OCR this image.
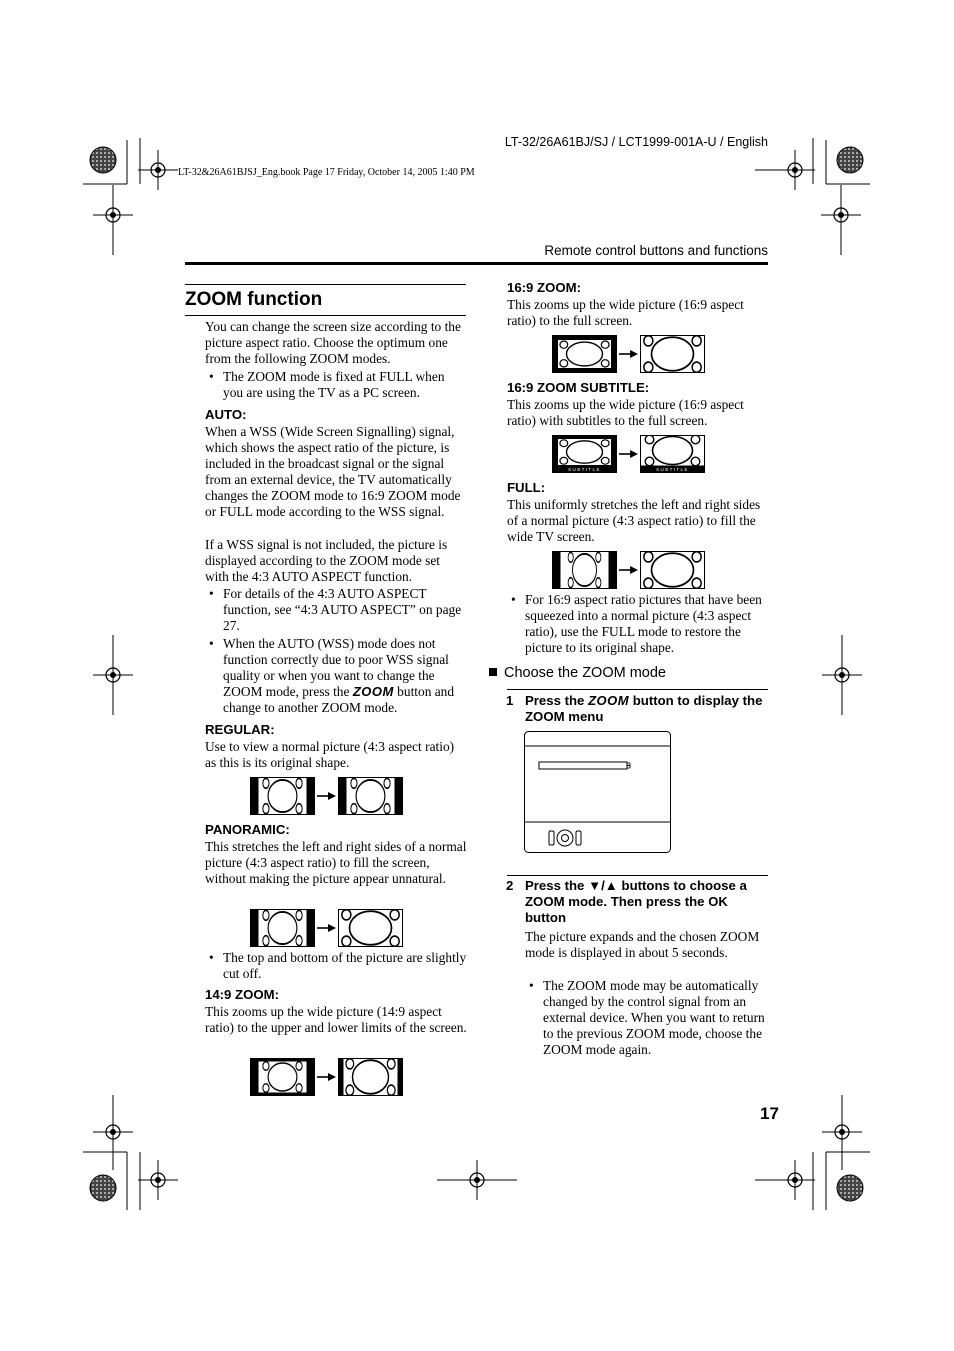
LT-32/26A61BJ/SJ / LCT1999-001A-U / English
LT-32&26A61BJSJ_Eng.book Page 17 Friday, October 14, 2005 1:40 PM
Remote control buttons and functions
ZOOM function
You can change the screen size according to the picture aspect ratio. Choose the optimum one from the following ZOOM modes.
• The ZOOM mode is fixed at FULL when you are using the TV as a PC screen.
AUTO:
When a WSS (Wide Screen Signalling) signal, which shows the aspect ratio of the picture, is included in the broadcast signal or the signal from an external device, the TV automatically changes the ZOOM mode to 16:9 ZOOM mode or FULL mode according to the WSS signal.
If a WSS signal is not included, the picture is displayed according to the ZOOM mode set with the 4:3 AUTO ASPECT function.
• For details of the 4:3 AUTO ASPECT function, see “4:3 AUTO ASPECT” on page 27.
• When the AUTO (WSS) mode does not function correctly due to poor WSS signal quality or when you want to change the ZOOM mode, press the ZOOM button and change to another ZOOM mode.
REGULAR:
Use to view a normal picture (4:3 aspect ratio) as this is its original shape.
PANORAMIC:
This stretches the left and right sides of a normal picture (4:3 aspect ratio) to fill the screen, without making the picture appear unnatural.
• The top and bottom of the picture are slightly cut off.
14:9 ZOOM:
This zooms up the wide picture (14:9 aspect ratio) to the upper and lower limits of the screen.
16:9 ZOOM:
This zooms up the wide picture (16:9 aspect ratio) to the full screen.
16:9 ZOOM SUBTITLE:
This zooms up the wide picture (16:9 aspect ratio) with subtitles to the full screen.
SUBTITLE	SUBTITLE
FULL:
This uniformly stretches the left and right sides of a normal picture (4:3 aspect ratio) to fill the wide TV screen.
• For 16:9 aspect ratio pictures that have been squeezed into a normal picture (4:3 aspect ratio), use the FULL mode to restore the picture to its original shape.
Choose the ZOOM mode
1 Press the ZOOM button to display the ZOOM menu
2 Press the ▼/▲ buttons to choose a ZOOM mode. Then press the OK button
The picture expands and the chosen ZOOM mode is displayed in about 5 seconds.
• The ZOOM mode may be automatically changed by the control signal from an external device. When you want to return to the previous ZOOM mode, choose the ZOOM mode again.
17
